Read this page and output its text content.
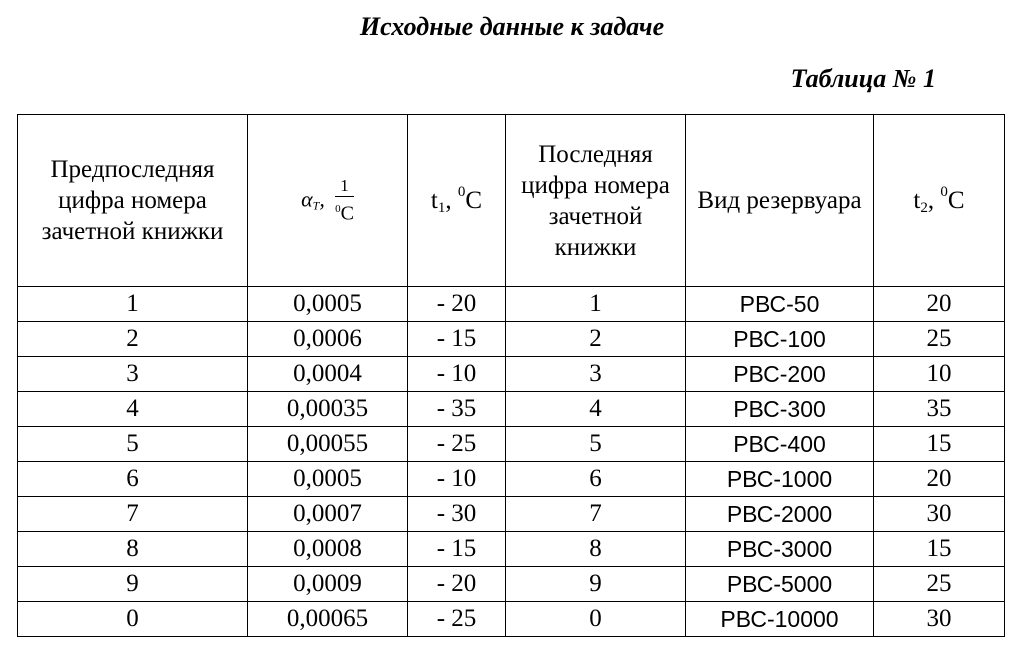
Исходные данные к задаче
Таблица № 1
Предпоследняя цифра номера зачетной книжки	$\alpha_T$, $\frac{1}{^0C}$	t1, $^0$C	Последняя цифра номера зачетной книжки	Вид резервуара	t2, $^0$C
1	0,0005	- 20	1	РВС-50	20
2	0,0006	- 15	2	РВС-100	25
3	0,0004	- 10	3	РВС-200	10
4	0,00035	- 35	4	РВС-300	35
5	0,00055	- 25	5	РВС-400	15
6	0,0005	- 10	6	РВС-1000	20
7	0,0007	- 30	7	РВС-2000	30
8	0,0008	- 15	8	РВС-3000	15
9	0,0009	- 20	9	РВС-5000	25
0	0,00065	- 25	0	РВС-10000	30
